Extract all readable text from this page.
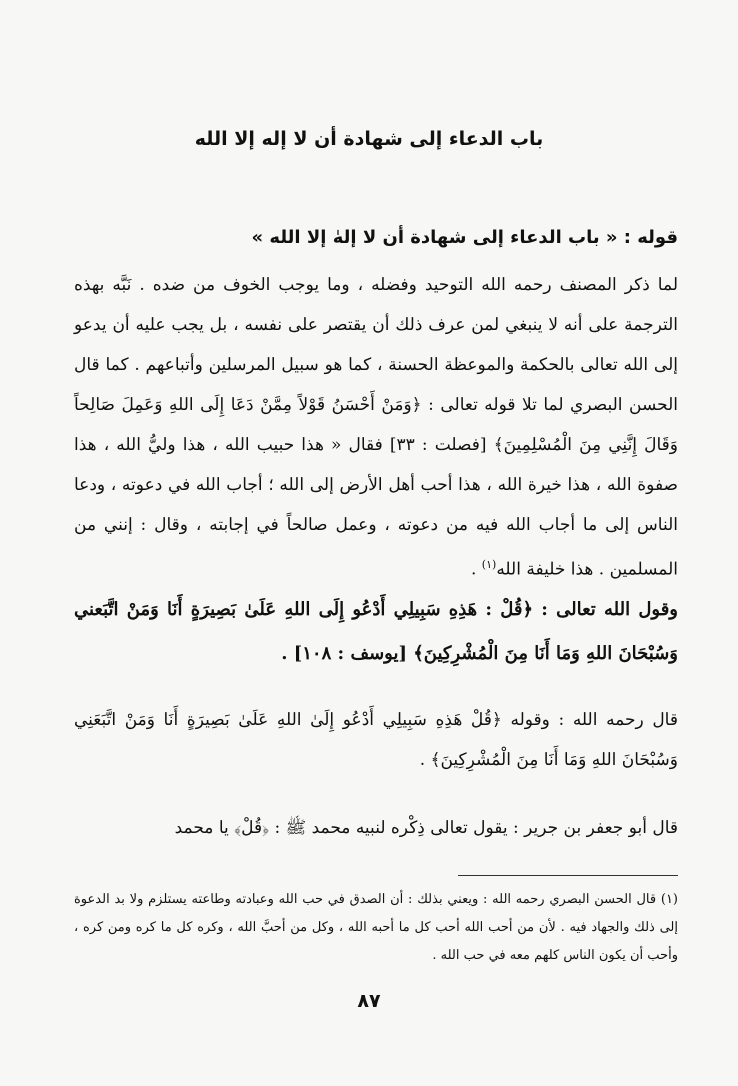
باب الدعاء إلى شهادة أن لا إله إلا الله
قوله : « باب الدعاء إلى شهادة أن لا إلهٰ إلا الله »
لما ذكر المصنف رحمه الله التوحيد وفضله ، وما يوجب الخوف من ضده . نَبَّه بهذه الترجمة على أنه لا ينبغي لمن عرف ذلك أن يقتصر على نفسه ، بل يجب عليه أن يدعو إلى الله تعالى بالحكمة والموعظة الحسنة ، كما هو سبيل المرسلين وأتباعهم . كما قال الحسن البصري لما تلا قوله تعالى : ﴿وَمَنْ أَحْسَنُ قَوْلاً مِمَّنْ دَعَا إِلَى اللهِ وَعَمِلَ صَالِحاً وَقَالَ إِنَّنِي مِنَ الْمُسْلِمِينَ﴾ [فصلت : ٣٣] فقال « هذا حبيب الله ، هذا وليُّ الله ، هذا صفوة الله ، هذا خيرة الله ، هذا أحب أهل الأرض إلى الله ؛ أجاب الله في دعوته ، ودعا الناس إلى ما أجاب الله فيه من دعوته ، وعمل صالحاً في إجابته ، وقال : إنني من المسلمين . هذا خليفة الله$^{(١)}$ .
وقول الله تعالى : ﴿قُلْ : هَذِهِ سَبِيلِي أَدْعُو إِلَى اللهِ عَلَىٰ بَصِيرَةٍ أَنَا وَمَنْ اتَّبَعني وَسُبْحَانَ اللهِ وَمَا أَنَا مِنَ الْمُشْرِكِينَ﴾ [يوسف : ١٠٨] .
قال رحمه الله : وقوله ﴿قُلْ هَذِهِ سَبِيلِي أَدْعُو إِلَىٰ اللهِ عَلَىٰ بَصِيرَةٍ أَنَا وَمَنْ اتَّبَعَنِي وَسُبْحَانَ اللهِ وَمَا أَنَا مِنَ الْمُشْرِكِينَ﴾ .
قال أبو جعفر بن جرير : يقول تعالى ذِكْره لنبيه محمد ﷺ : ﴿قُلْ﴾ يا محمد
(١) قال الحسن البصري رحمه الله : ويعني بذلك : أن الصدق في حب الله وعبادته وطاعته يستلزم ولا بد الدعوة إلى ذلك والجهاد فيه . لأن من أحب الله أحب كل ما أحبه الله ، وكل من أحبَّ الله ، وكره كل ما كره ومن كره ، وأحب أن يكون الناس كلهم معه في حب الله .
٨٧
